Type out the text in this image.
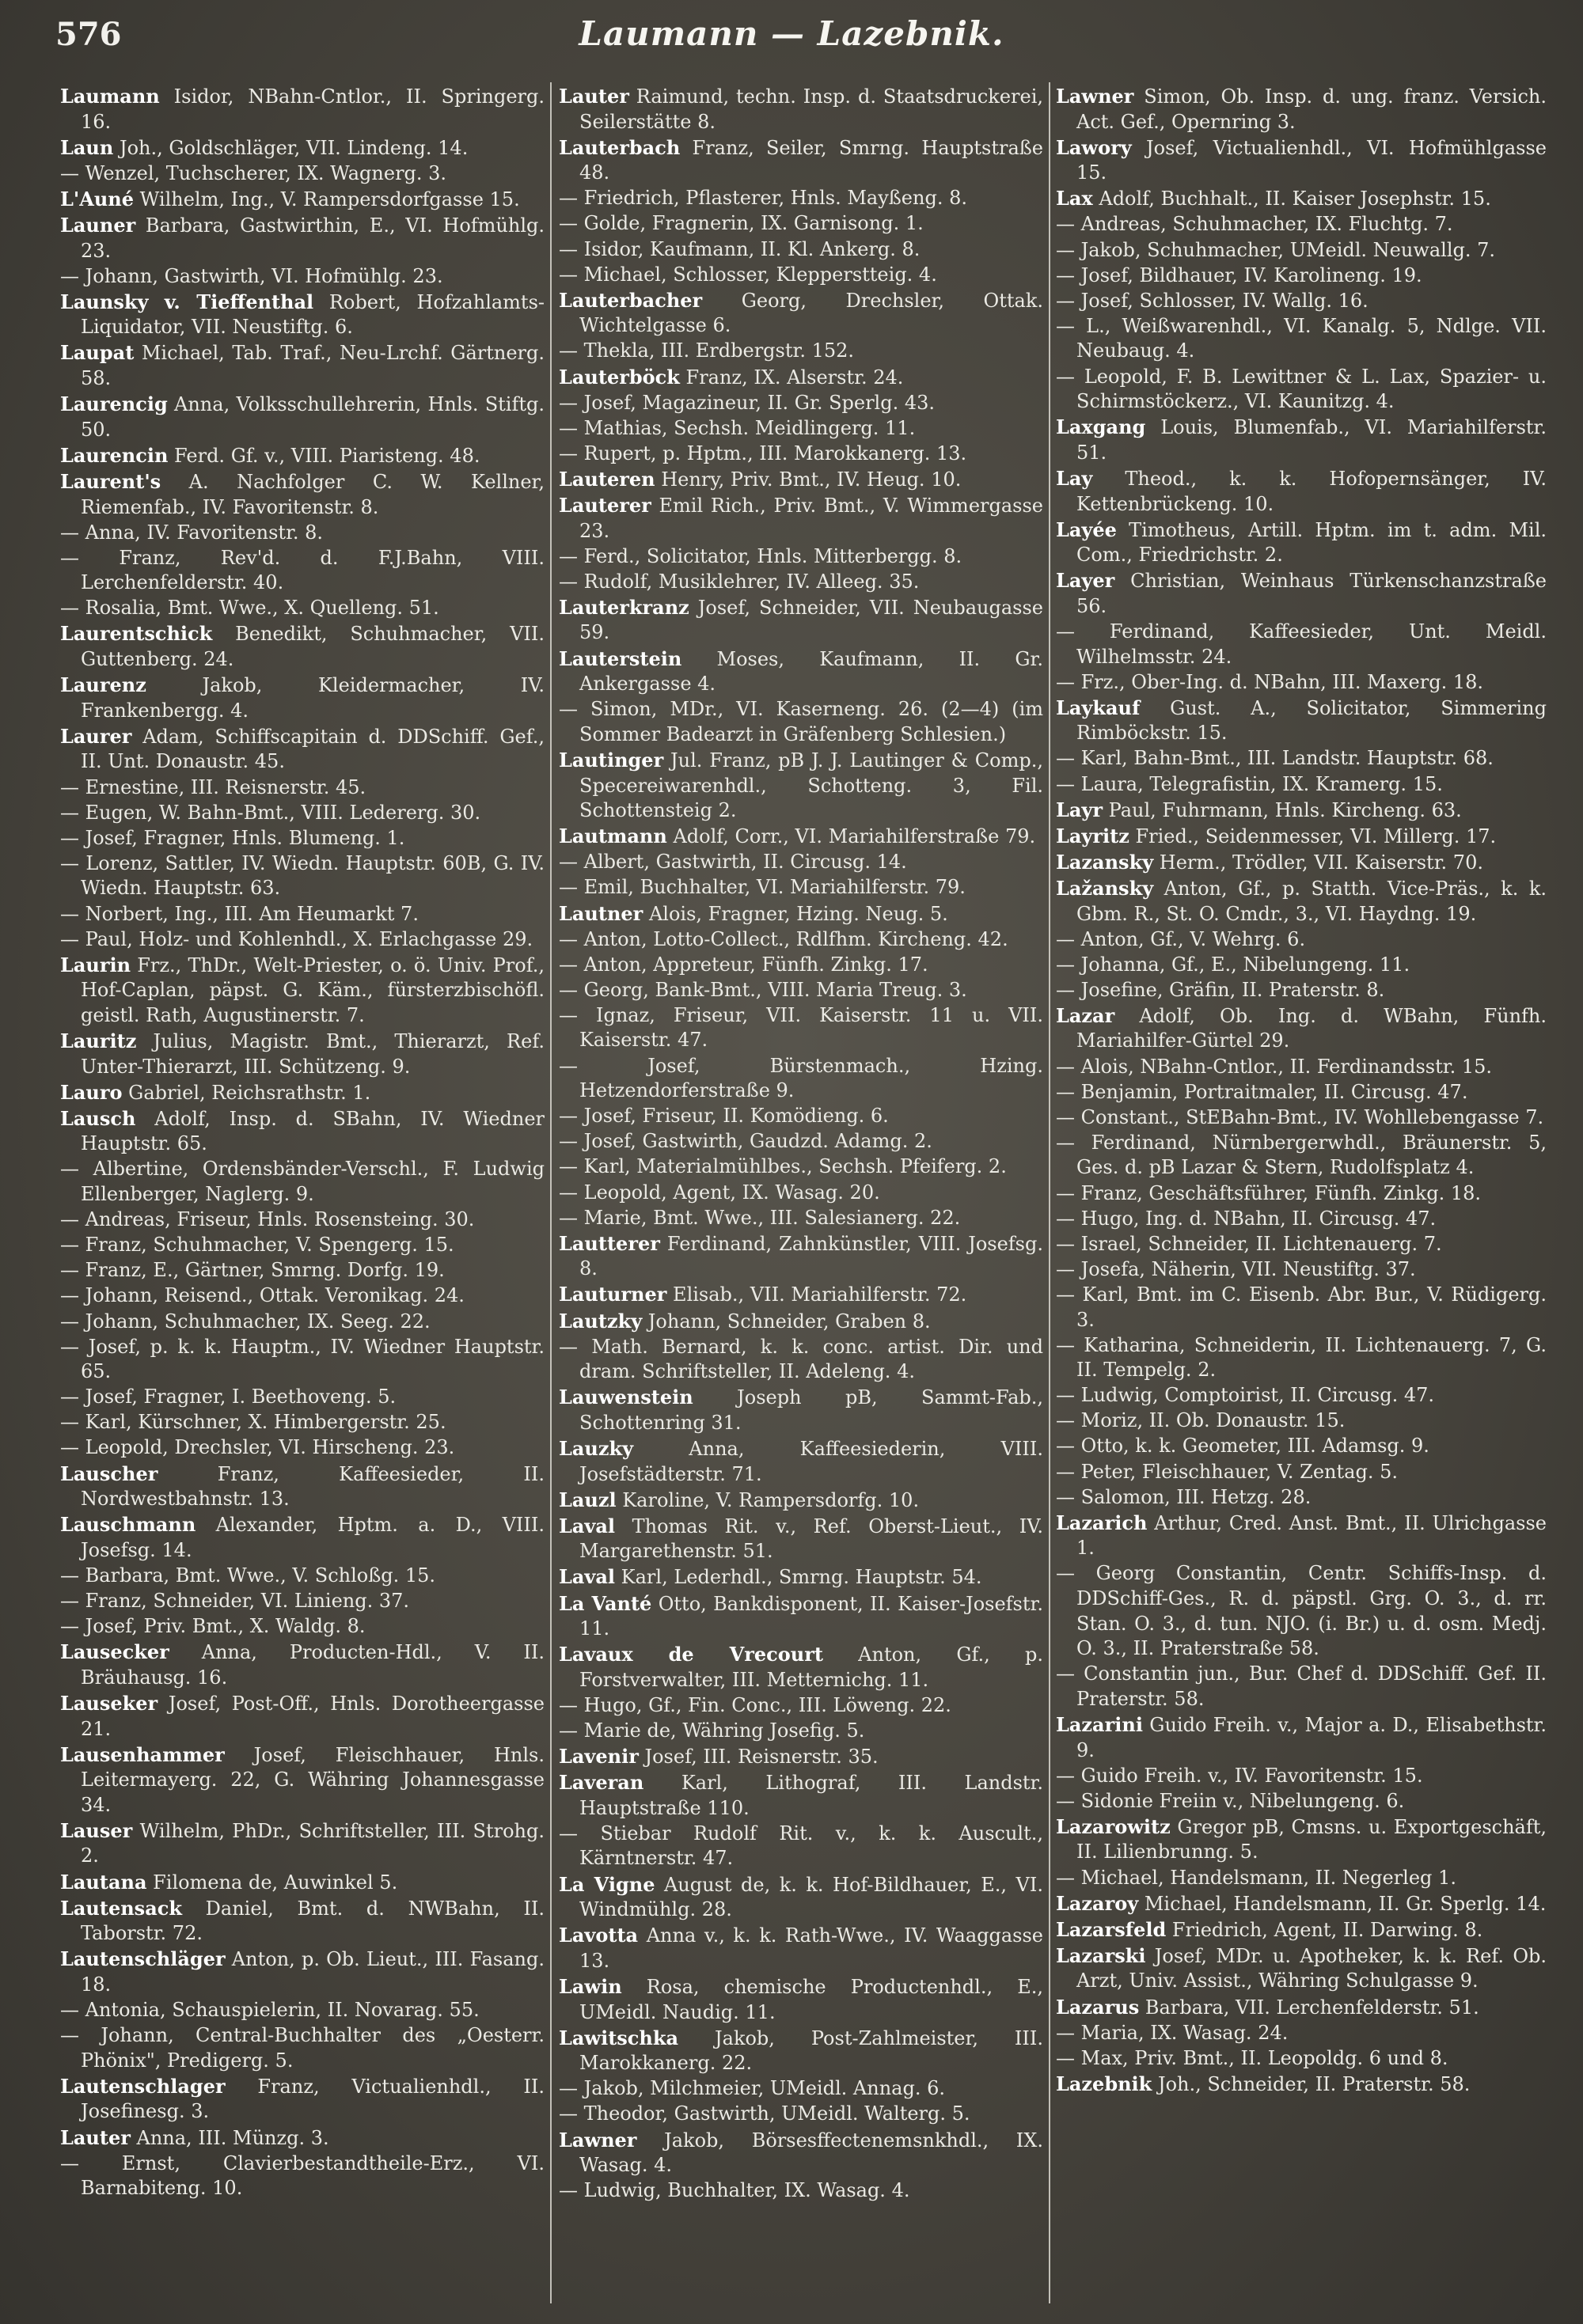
576	Laumann — Lazebnik.
Laumann Isidor, NBahn-Cntlor., II. Springerg. 16.
Laun Joh., Goldschläger, VII. Lindeng. 14.
— Wenzel, Tuchscherer, IX. Wagnerg. 3.
L'Auné Wilhelm, Ing., V. Rampersdorfgasse 15.
Launer Barbara, Gastwirthin, E., VI. Hofmühlg. 23.
— Johann, Gastwirth, VI. Hofmühlg. 23.
Launsky v. Tieffenthal Robert, Hofzahlamts-Liquidator, VII. Neustiftg. 6.
Laupat Michael, Tab. Traf., Neu-Lrchf. Gärtnerg. 58.
Laurencig Anna, Volksschullehrerin, Hnls. Stiftg. 50.
Laurencin Ferd. Gf. v., VIII. Piaristeng. 48.
Laurent's A. Nachfolger C. W. Kellner, Riemenfab., IV. Favoritenstr. 8.
— Anna, IV. Favoritenstr. 8.
— Franz, Rev'd. d. F.J.Bahn, VIII. Lerchenfelderstr. 40.
— Rosalia, Bmt. Wwe., X. Quelleng. 51.
Laurentschick Benedikt, Schuhmacher, VII. Guttenberg. 24.
Laurenz Jakob, Kleidermacher, IV. Frankenbergg. 4.
Laurer Adam, Schiffscapitain d. DDSchiff. Gef., II. Unt. Donaustr. 45.
— Ernestine, III. Reisnerstr. 45.
— Eugen, W. Bahn-Bmt., VIII. Ledererg. 30.
— Josef, Fragner, Hnls. Blumeng. 1.
— Lorenz, Sattler, IV. Wiedn. Hauptstr. 60B, G. IV. Wiedn. Hauptstr. 63.
— Norbert, Ing., III. Am Heumarkt 7.
— Paul, Holz- und Kohlenhdl., X. Erlachgasse 29.
Laurin Frz., ThDr., Welt-Priester, o. ö. Univ. Prof., Hof-Caplan, päpst. G. Käm., fürsterzbischöfl. geistl. Rath, Augustinerstr. 7.
Lauritz Julius, Magistr. Bmt., Thierarzt, Ref. Unter-Thierarzt, III. Schützeng. 9.
Lauro Gabriel, Reichsrathstr. 1.
Lausch Adolf, Insp. d. SBahn, IV. Wiedner Hauptstr. 65.
— Albertine, Ordensbänder-Verschl., F. Ludwig Ellenberger, Naglerg. 9.
— Andreas, Friseur, Hnls. Rosensteing. 30.
— Franz, Schuhmacher, V. Spengerg. 15.
— Franz, E., Gärtner, Smrng. Dorfg. 19.
— Johann, Reisend., Ottak. Veronikag. 24.
— Johann, Schuhmacher, IX. Seeg. 22.
— Josef, p. k. k. Hauptm., IV. Wiedner Hauptstr. 65.
— Josef, Fragner, I. Beethoveng. 5.
— Karl, Kürschner, X. Himbergerstr. 25.
— Leopold, Drechsler, VI. Hirscheng. 23.
Lauscher Franz, Kaffeesieder, II. Nordwestbahnstr. 13.
Lauschmann Alexander, Hptm. a. D., VIII. Josefsg. 14.
— Barbara, Bmt. Wwe., V. Schloßg. 15.
— Franz, Schneider, VI. Linieng. 37.
— Josef, Priv. Bmt., X. Waldg. 8.
Lausecker Anna, Producten-Hdl., V. II. Bräuhausg. 16.
Lauseker Josef, Post-Off., Hnls. Dorotheergasse 21.
Lausenhammer Josef, Fleischhauer, Hnls. Leitermayerg. 22, G. Währing Johannesgasse 34.
Lauser Wilhelm, PhDr., Schriftsteller, III. Strohg. 2.
Lautana Filomena de, Auwinkel 5.
Lautensack Daniel, Bmt. d. NWBahn, II. Taborstr. 72.
Lautenschläger Anton, p. Ob. Lieut., III. Fasang. 18.
— Antonia, Schauspielerin, II. Novarag. 55.
— Johann, Central-Buchhalter des „Oesterr. Phönix", Predigerg. 5.
Lautenschlager Franz, Victualienhdl., II. Josefinesg. 3.
Lauter Anna, III. Münzg. 3.
— Ernst, Clavierbestandtheile-Erz., VI. Barnabiteng. 10.
Lauter Raimund, techn. Insp. d. Staatsdruckerei, Seilerstätte 8.
Lauterbach Franz, Seiler, Smrng. Hauptstraße 48.
— Friedrich, Pflasterer, Hnls. Mayßeng. 8.
— Golde, Fragnerin, IX. Garnisong. 1.
— Isidor, Kaufmann, II. Kl. Ankerg. 8.
— Michael, Schlosser, Klepperstteig. 4.
Lauterbacher Georg, Drechsler, Ottak. Wichtelgasse 6.
— Thekla, III. Erdbergstr. 152.
Lauterböck Franz, IX. Alserstr. 24.
— Josef, Magazineur, II. Gr. Sperlg. 43.
— Mathias, Sechsh. Meidlingerg. 11.
— Rupert, p. Hptm., III. Marokkanerg. 13.
Lauteren Henry, Priv. Bmt., IV. Heug. 10.
Lauterer Emil Rich., Priv. Bmt., V. Wimmergasse 23.
— Ferd., Solicitator, Hnls. Mitterbergg. 8.
— Rudolf, Musiklehrer, IV. Alleeg. 35.
Lauterkranz Josef, Schneider, VII. Neubaugasse 59.
Lauterstein Moses, Kaufmann, II. Gr. Ankergasse 4.
— Simon, MDr., VI. Kaserneng. 26. (2—4) (im Sommer Badearzt in Gräfenberg Schlesien.)
Lautinger Jul. Franz, pB J. J. Lautinger & Comp., Specereiwarenhdl., Schotteng. 3, Fil. Schottensteig 2.
Lautmann Adolf, Corr., VI. Mariahilferstraße 79.
— Albert, Gastwirth, II. Circusg. 14.
— Emil, Buchhalter, VI. Mariahilferstr. 79.
Lautner Alois, Fragner, Hzing. Neug. 5.
— Anton, Lotto-Collect., Rdlfhm. Kircheng. 42.
— Anton, Appreteur, Fünfh. Zinkg. 17.
— Georg, Bank-Bmt., VIII. Maria Treug. 3.
— Ignaz, Friseur, VII. Kaiserstr. 11 u. VII. Kaiserstr. 47.
— Josef, Bürstenmach., Hzing. Hetzendorferstraße 9.
— Josef, Friseur, II. Komödieng. 6.
— Josef, Gastwirth, Gaudzd. Adamg. 2.
— Karl, Materialmühlbes., Sechsh. Pfeiferg. 2.
— Leopold, Agent, IX. Wasag. 20.
— Marie, Bmt. Wwe., III. Salesianerg. 22.
Lautterer Ferdinand, Zahnkünstler, VIII. Josefsg. 8.
Lauturner Elisab., VII. Mariahilferstr. 72.
Lautzky Johann, Schneider, Graben 8.
— Math. Bernard, k. k. conc. artist. Dir. und dram. Schriftsteller, II. Adeleng. 4.
Lauwenstein Joseph pB, Sammt-Fab., Schottenring 31.
Lauzky Anna, Kaffeesiederin, VIII. Josefstädterstr. 71.
Lauzl Karoline, V. Rampersdorfg. 10.
Laval Thomas Rit. v., Ref. Oberst-Lieut., IV. Margarethenstr. 51.
Laval Karl, Lederhdl., Smrng. Hauptstr. 54.
La Vanté Otto, Bankdisponent, II. Kaiser-Josefstr. 11.
Lavaux de Vrecourt Anton, Gf., p. Forstverwalter, III. Metternichg. 11.
— Hugo, Gf., Fin. Conc., III. Löweng. 22.
— Marie de, Währing Josefig. 5.
Lavenir Josef, III. Reisnerstr. 35.
Laveran Karl, Lithograf, III. Landstr. Hauptstraße 110.
— Stiebar Rudolf Rit. v., k. k. Auscult., Kärntnerstr. 47.
La Vigne August de, k. k. Hof-Bildhauer, E., VI. Windmühlg. 28.
Lavotta Anna v., k. k. Rath-Wwe., IV. Waaggasse 13.
Lawin Rosa, chemische Productenhdl., E., UMeidl. Naudig. 11.
Lawitschka Jakob, Post-Zahlmeister, III. Marokkanerg. 22.
— Jakob, Milchmeier, UMeidl. Annag. 6.
— Theodor, Gastwirth, UMeidl. Walterg. 5.
Lawner Jakob, Börsesffectenemsnkhdl., IX. Wasag. 4.
— Ludwig, Buchhalter, IX. Wasag. 4.
Lawner Simon, Ob. Insp. d. ung. franz. Versich. Act. Gef., Opernring 3.
Lawory Josef, Victualienhdl., VI. Hofmühlgasse 15.
Lax Adolf, Buchhalt., II. Kaiser Josephstr. 15.
— Andreas, Schuhmacher, IX. Fluchtg. 7.
— Jakob, Schuhmacher, UMeidl. Neuwallg. 7.
— Josef, Bildhauer, IV. Karolineng. 19.
— Josef, Schlosser, IV. Wallg. 16.
— L., Weißwarenhdl., VI. Kanalg. 5, Ndlge. VII. Neubaug. 4.
— Leopold, F. B. Lewittner & L. Lax, Spazier- u. Schirmstöckerz., VI. Kaunitzg. 4.
Laxgang Louis, Blumenfab., VI. Mariahilferstr. 51.
Lay Theod., k. k. Hofopernsänger, IV. Kettenbrückeng. 10.
Layée Timotheus, Artill. Hptm. im t. adm. Mil. Com., Friedrichstr. 2.
Layer Christian, Weinhaus Türkenschanzstraße 56.
— Ferdinand, Kaffeesieder, Unt. Meidl. Wilhelmsstr. 24.
— Frz., Ober-Ing. d. NBahn, III. Maxerg. 18.
Laykauf Gust. A., Solicitator, Simmering Rimböckstr. 15.
— Karl, Bahn-Bmt., III. Landstr. Hauptstr. 68.
— Laura, Telegrafistin, IX. Kramerg. 15.
Layr Paul, Fuhrmann, Hnls. Kircheng. 63.
Layritz Fried., Seidenmesser, VI. Millerg. 17.
Lazansky Herm., Trödler, VII. Kaiserstr. 70.
Lažansky Anton, Gf., p. Statth. Vice-Präs., k. k. Gbm. R., St. O. Cmdr., 3., VI. Haydng. 19.
— Anton, Gf., V. Wehrg. 6.
— Johanna, Gf., E., Nibelungeng. 11.
— Josefine, Gräfin, II. Praterstr. 8.
Lazar Adolf, Ob. Ing. d. WBahn, Fünfh. Mariahilfer-Gürtel 29.
— Alois, NBahn-Cntlor., II. Ferdinandsstr. 15.
— Benjamin, Portraitmaler, II. Circusg. 47.
— Constant., StEBahn-Bmt., IV. Wohllebengasse 7.
— Ferdinand, Nürnbergerwhdl., Bräunerstr. 5, Ges. d. pB Lazar & Stern, Rudolfsplatz 4.
— Franz, Geschäftsführer, Fünfh. Zinkg. 18.
— Hugo, Ing. d. NBahn, II. Circusg. 47.
— Israel, Schneider, II. Lichtenauerg. 7.
— Josefa, Näherin, VII. Neustiftg. 37.
— Karl, Bmt. im C. Eisenb. Abr. Bur., V. Rüdigerg. 3.
— Katharina, Schneiderin, II. Lichtenauerg. 7, G. II. Tempelg. 2.
— Ludwig, Comptoirist, II. Circusg. 47.
— Moriz, II. Ob. Donaustr. 15.
— Otto, k. k. Geometer, III. Adamsg. 9.
— Peter, Fleischhauer, V. Zentag. 5.
— Salomon, III. Hetzg. 28.
Lazarich Arthur, Cred. Anst. Bmt., II. Ulrichgasse 1.
— Georg Constantin, Centr. Schiffs-Insp. d. DDSchiff-Ges., R. d. päpstl. Grg. O. 3., d. rr. Stan. O. 3., d. tun. NJO. (i. Br.) u. d. osm. Medj. O. 3., II. Praterstraße 58.
— Constantin jun., Bur. Chef d. DDSchiff. Gef. II. Praterstr. 58.
Lazarini Guido Freih. v., Major a. D., Elisabethstr. 9.
— Guido Freih. v., IV. Favoritenstr. 15.
— Sidonie Freiin v., Nibelungeng. 6.
Lazarowitz Gregor pB, Cmsns. u. Exportgeschäft, II. Lilienbrunng. 5.
— Michael, Handelsmann, II. Negerleg 1.
Lazaroy Michael, Handelsmann, II. Gr. Sperlg. 14.
Lazarsfeld Friedrich, Agent, II. Darwing. 8.
Lazarski Josef, MDr. u. Apotheker, k. k. Ref. Ob. Arzt, Univ. Assist., Währing Schulgasse 9.
Lazarus Barbara, VII. Lerchenfelderstr. 51.
— Maria, IX. Wasag. 24.
— Max, Priv. Bmt., II. Leopoldg. 6 und 8.
Lazebnik Joh., Schneider, II. Praterstr. 58.
